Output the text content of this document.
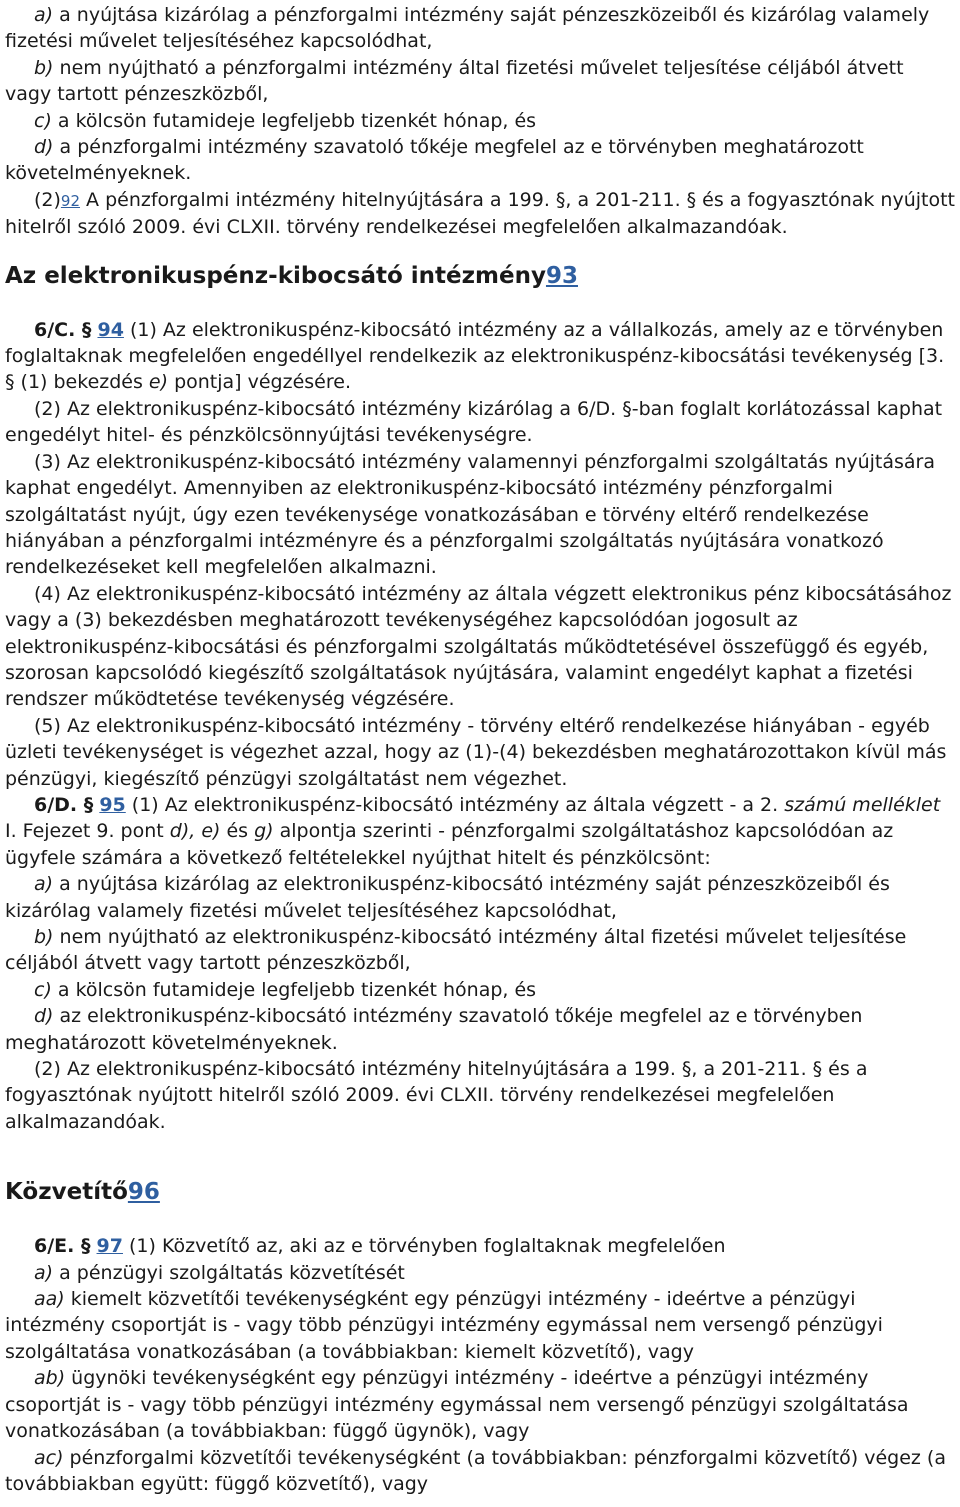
a) a nyújtása kizárólag a pénzforgalmi intézmény saját pénzeszközeiből és kizárólag valamely fizetési művelet teljesítéséhez kapcsolódhat,

b) nem nyújtható a pénzforgalmi intézmény által fizetési művelet teljesítése céljából átvett vagy tartott pénzeszközből,

c) a kölcsön futamideje legfeljebb tizenkét hónap, és

d) a pénzforgalmi intézmény szavatoló tőkéje megfelel az e törvényben meghatározott követelményeknek.

(2)92 A pénzforgalmi intézmény hitelnyújtására a 199. §, a 201-211. § és a fogyasztónak nyújtott hitelről szóló 2009. évi CLXII. törvény rendelkezései megfelelően alkalmazandóak.

Az elektronikuspénz-kibocsátó intézmény93

6/C. § 94 (1) Az elektronikuspénz-kibocsátó intézmény az a vállalkozás, amely az e törvényben foglaltaknak megfelelően engedéllyel rendelkezik az elektronikuspénz-kibocsátási tevékenység [3. § (1) bekezdés e) pontja] végzésére.

(2) Az elektronikuspénz-kibocsátó intézmény kizárólag a 6/D. §-ban foglalt korlátozással kaphat engedélyt hitel- és pénzkölcsönnyújtási tevékenységre.

(3) Az elektronikuspénz-kibocsátó intézmény valamennyi pénzforgalmi szolgáltatás nyújtására kaphat engedélyt. Amennyiben az elektronikuspénz-kibocsátó intézmény pénzforgalmi szolgáltatást nyújt, úgy ezen tevékenysége vonatkozásában e törvény eltérő rendelkezése hiányában a pénzforgalmi intézményre és a pénzforgalmi szolgáltatás nyújtására vonatkozó rendelkezéseket kell megfelelően alkalmazni.

(4) Az elektronikuspénz-kibocsátó intézmény az általa végzett elektronikus pénz kibocsátásához vagy a (3) bekezdésben meghatározott tevékenységéhez kapcsolódóan jogosult az elektronikuspénz-kibocsátási és pénzforgalmi szolgáltatás működtetésével összefüggő és egyéb, szorosan kapcsolódó kiegészítő szolgáltatások nyújtására, valamint engedélyt kaphat a fizetési rendszer működtetése tevékenység végzésére.

(5) Az elektronikuspénz-kibocsátó intézmény - törvény eltérő rendelkezése hiányában - egyéb üzleti tevékenységet is végezhet azzal, hogy az (1)-(4) bekezdésben meghatározottakon kívül más pénzügyi, kiegészítő pénzügyi szolgáltatást nem végezhet.

6/D. § 95 (1) Az elektronikuspénz-kibocsátó intézmény az általa végzett - a 2. számú melléklet I. Fejezet 9. pont d), e) és g) alpontja szerinti - pénzforgalmi szolgáltatáshoz kapcsolódóan az ügyfele számára a következő feltételekkel nyújthat hitelt és pénzkölcsönt:

a) a nyújtása kizárólag az elektronikuspénz-kibocsátó intézmény saját pénzeszközeiből és kizárólag valamely fizetési művelet teljesítéséhez kapcsolódhat,

b) nem nyújtható az elektronikuspénz-kibocsátó intézmény által fizetési művelet teljesítése céljából átvett vagy tartott pénzeszközből,

c) a kölcsön futamideje legfeljebb tizenkét hónap, és

d) az elektronikuspénz-kibocsátó intézmény szavatoló tőkéje megfelel az e törvényben meghatározott követelményeknek.

(2) Az elektronikuspénz-kibocsátó intézmény hitelnyújtására a 199. §, a 201-211. § és a fogyasztónak nyújtott hitelről szóló 2009. évi CLXII. törvény rendelkezései megfelelően alkalmazandóak.

Közvetítő96

6/E. § 97 (1) Közvetítő az, aki az e törvényben foglaltaknak megfelelően

a) a pénzügyi szolgáltatás közvetítését

aa) kiemelt közvetítői tevékenységként egy pénzügyi intézmény - ideértve a pénzügyi intézmény csoportját is - vagy több pénzügyi intézmény egymással nem versengő pénzügyi szolgáltatása vonatkozásában (a továbbiakban: kiemelt közvetítő), vagy

ab) ügynöki tevékenységként egy pénzügyi intézmény - ideértve a pénzügyi intézmény csoportját is - vagy több pénzügyi intézmény egymással nem versengő pénzügyi szolgáltatása vonatkozásában (a továbbiakban: függő ügynök), vagy

ac) pénzforgalmi közvetítői tevékenységként (a továbbiakban: pénzforgalmi közvetítő) végez (a továbbiakban együtt: függő közvetítő), vagy
